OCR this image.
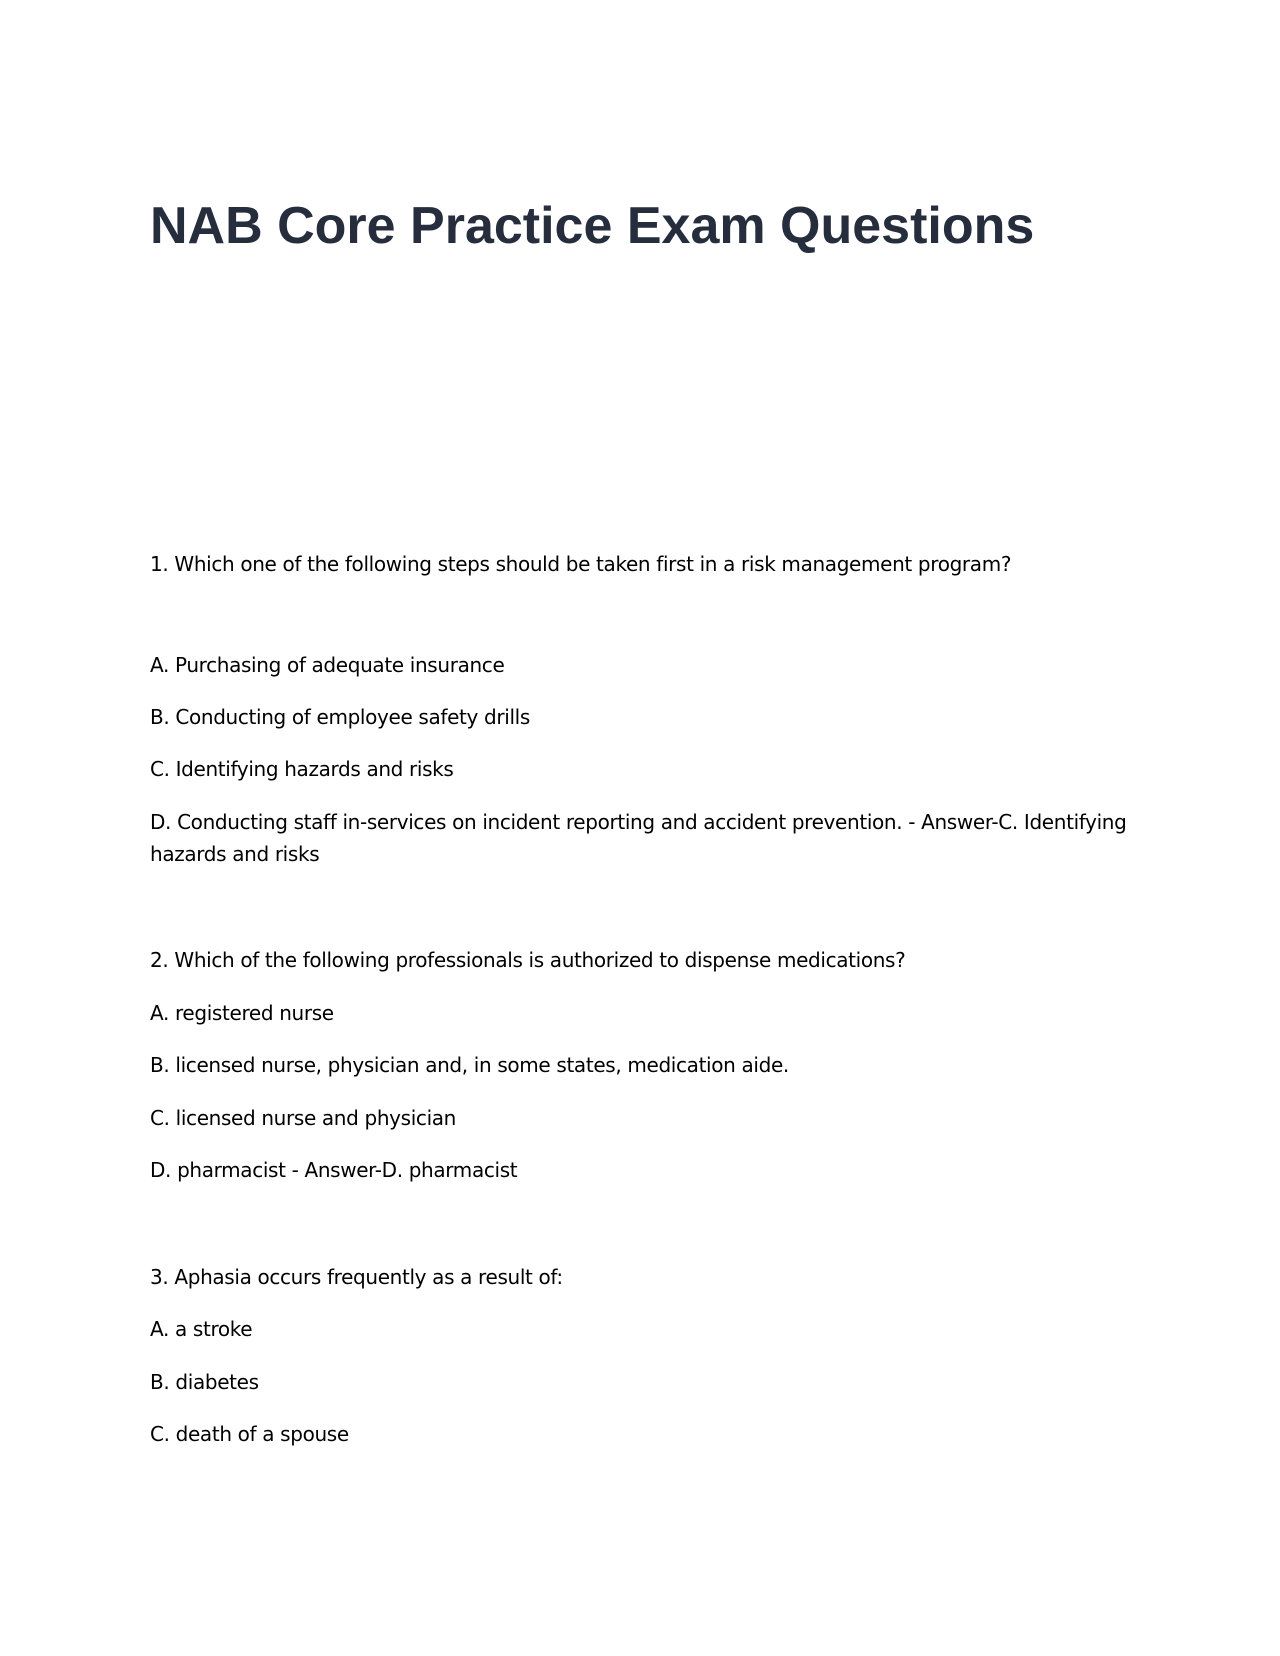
NAB Core Practice Exam Questions

1. Which one of the following steps should be taken first in a risk management program?

A. Purchasing of adequate insurance

B. Conducting of employee safety drills

C. Identifying hazards and risks

D. Conducting staff in-services on incident reporting and accident prevention. - Answer-C. Identifying

hazards and risks

2. Which of the following professionals is authorized to dispense medications?

A. registered nurse

B. licensed nurse, physician and, in some states, medication aide.

C. licensed nurse and physician

D. pharmacist - Answer-D. pharmacist

3. Aphasia occurs frequently as a result of:

A. a stroke

B. diabetes

C. death of a spouse
